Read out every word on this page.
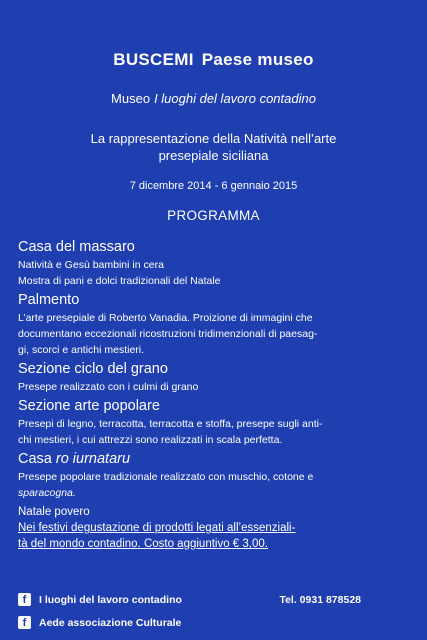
BUSCEMI Paese museo
Museo I luoghi del lavoro contadino
La rappresentazione della Natività nell’arte
presepiale siciliana
7 dicembre 2014 - 6 gennaio 2015
PROGRAMMA
Casa del massaro
Natività e Gesù bambini in cera
Mostra di pani e dolci tradizionali del Natale
Palmento
L’arte presepiale di Roberto Vanadia. Proizione di immagini che
documentano eccezionali ricostruzioni tridimenzionali di paesag-
gi, scorci e antichi mestieri.
Sezione ciclo del grano
Presepe realizzato con i culmi di grano
Sezione arte popolare
Presepi di legno, terracotta, terracotta e stoffa, presepe sugli anti-
chi mestieri, i cui attrezzi sono realizzati in scala perfetta.
Casa ro iurnataru
Presepe popolare tradizionale realizzato con muschio, cotone e
sparacogna.
Natale povero
Nei festivi degustazione di prodotti legati all’essenziali-
tà del mondo contadino. Costo aggiuntivo € 3,00.
f	I luoghi del lavoro contadino	Tel. 0931 878528
f	Aede associazione Culturale
